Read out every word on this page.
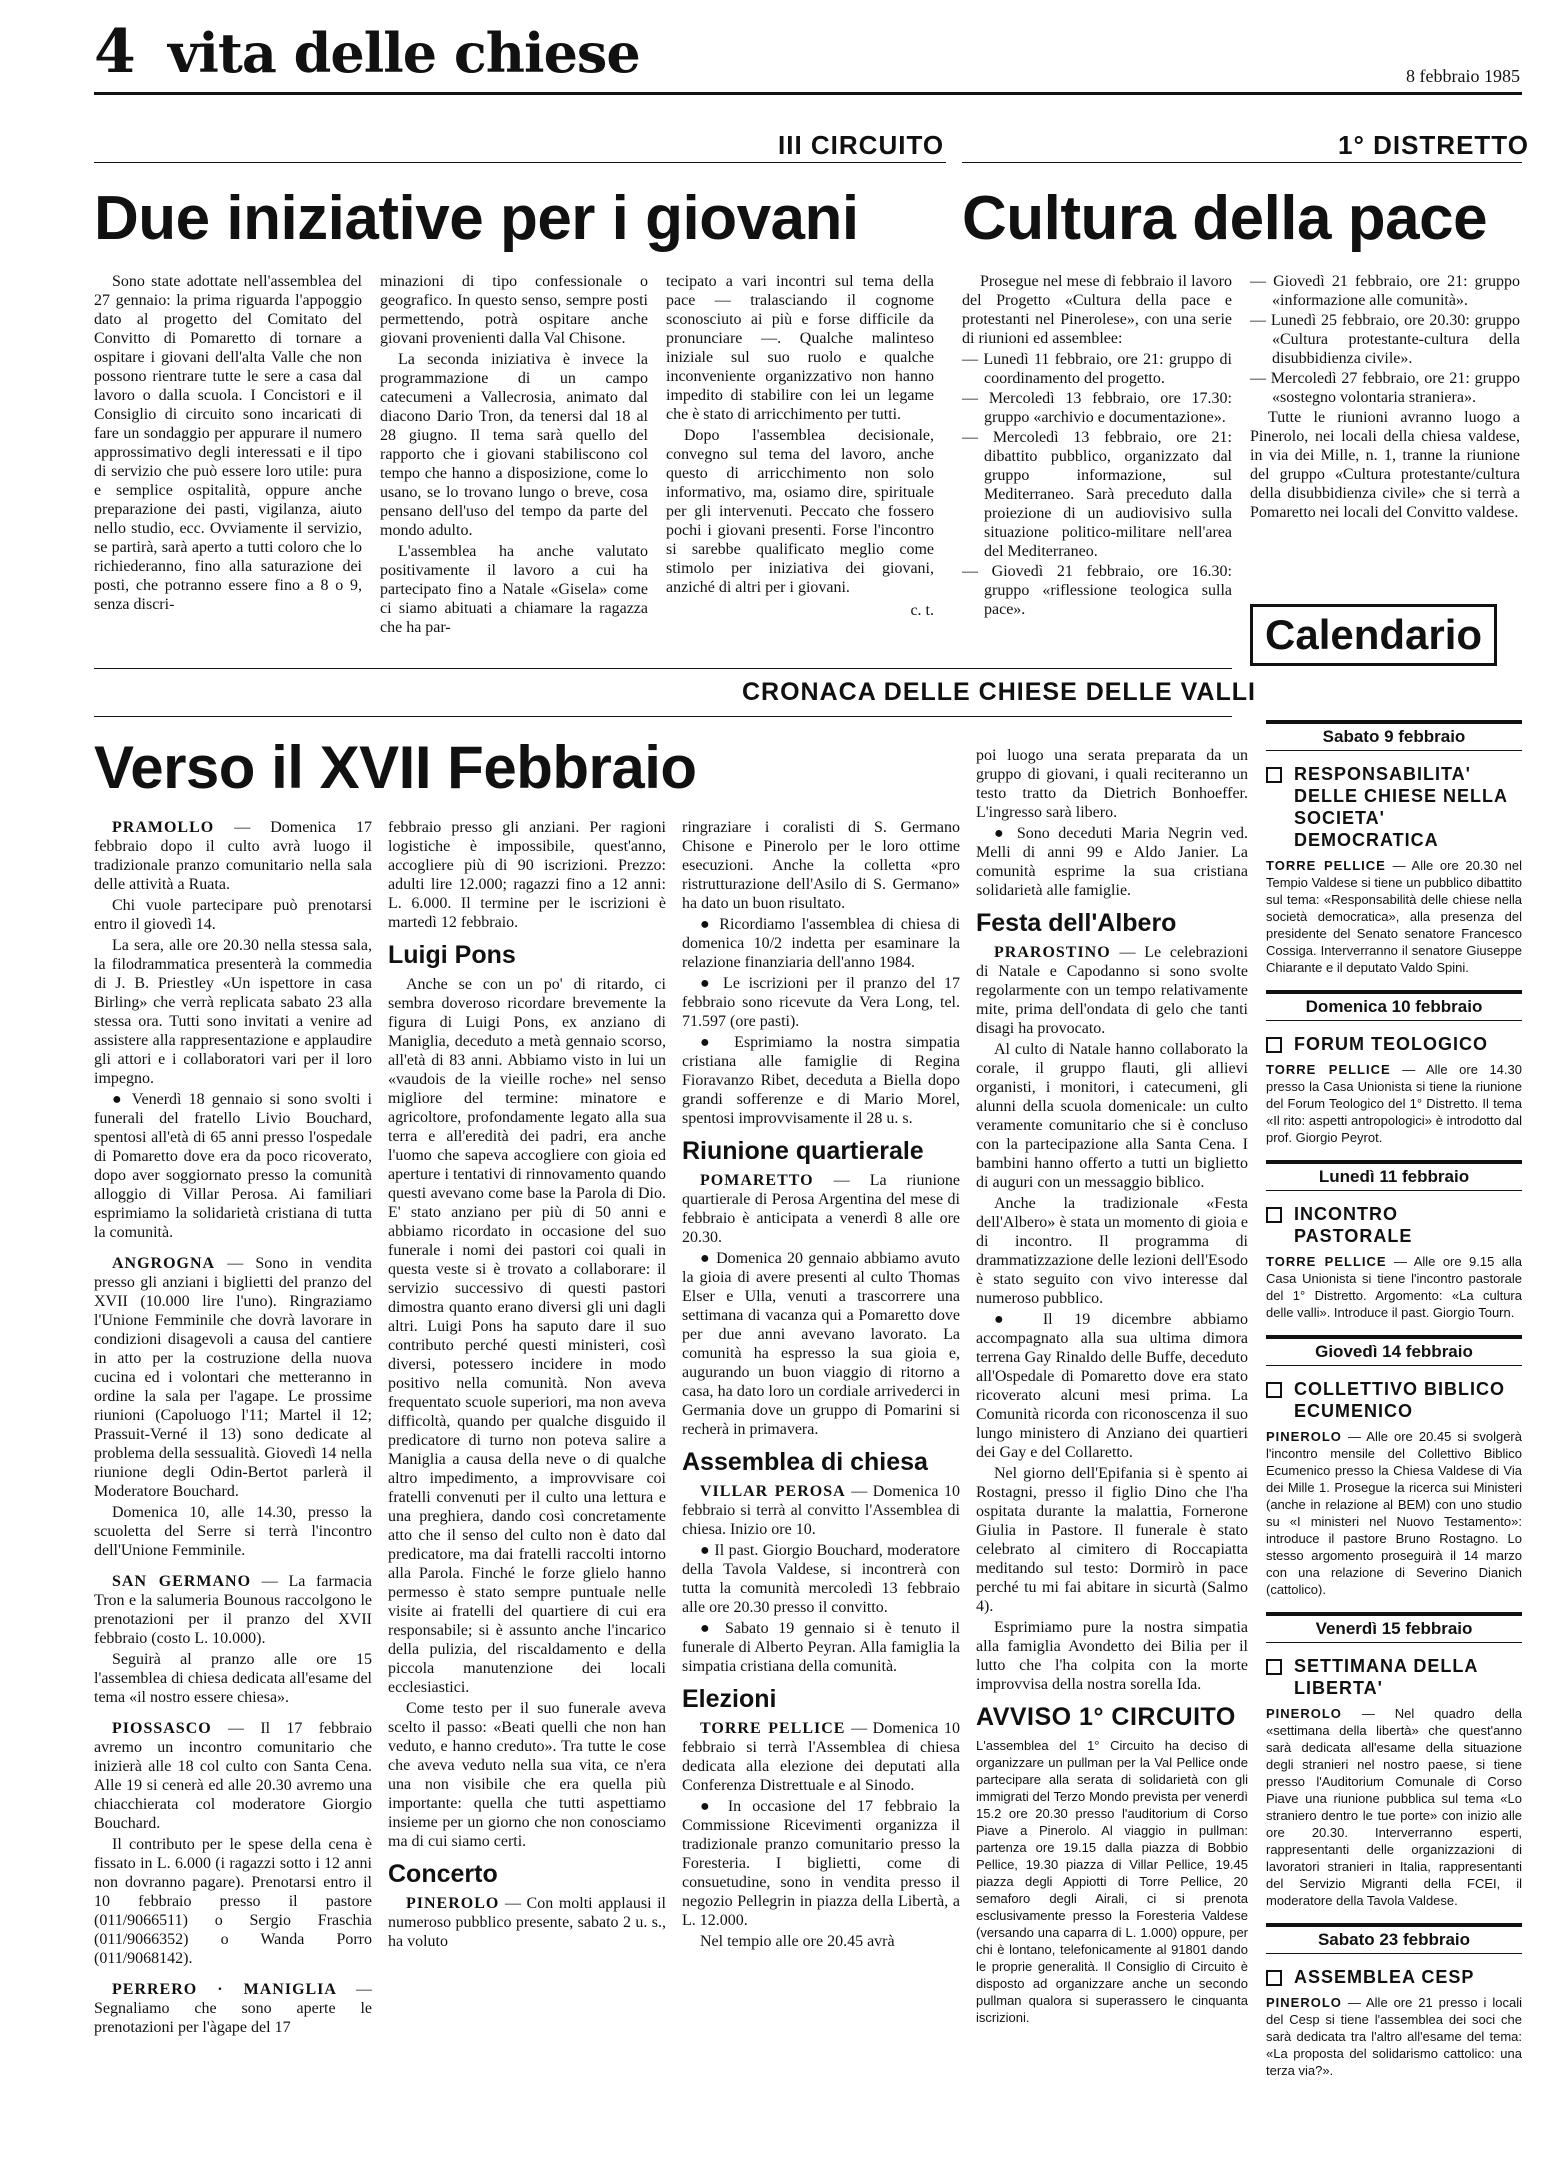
4 vita delle chiese	8 febbraio 1985
III CIRCUITO
Due iniziative per i giovani

Sono state adottate nell'assemblea del 27 gennaio: la prima riguarda l'appoggio dato al progetto del Comitato del Convitto di Pomaretto di tornare a ospitare i giovani dell'alta Valle che non possono rientrare tutte le sere a casa dal lavoro o dalla scuola. I Concistori e il Consiglio di circuito sono incaricati di fare un sondaggio per appurare il numero approssimativo degli interessati e il tipo di servizio che può essere loro utile: pura e semplice ospitalità, oppure anche preparazione dei pasti, vigilanza, aiuto nello studio, ecc. Ovviamente il servizio, se partirà, sarà aperto a tutti coloro che lo richiederanno, fino alla saturazione dei posti, che potranno essere fino a 8 o 9, senza discri-

minazioni di tipo confessionale o geografico. In questo senso, sempre posti permettendo, potrà ospitare anche giovani provenienti dalla Val Chisone.

La seconda iniziativa è invece la programmazione di un campo catecumeni a Vallecrosia, animato dal diacono Dario Tron, da tenersi dal 18 al 28 giugno. Il tema sarà quello del rapporto che i giovani stabiliscono col tempo che hanno a disposizione, come lo usano, se lo trovano lungo o breve, cosa pensano dell'uso del tempo da parte del mondo adulto.

L'assemblea ha anche valutato positivamente il lavoro a cui ha partecipato fino a Natale «Gisela» come ci siamo abituati a chiamare la ragazza che ha par-

tecipato a vari incontri sul tema della pace — tralasciando il cognome sconosciuto ai più e forse difficile da pronunciare —. Qualche malinteso iniziale sul suo ruolo e qualche inconveniente organizzativo non hanno impedito di stabilire con lei un legame che è stato di arricchimento per tutti.

Dopo l'assemblea decisionale, convegno sul tema del lavoro, anche questo di arricchimento non solo informativo, ma, osiamo dire, spirituale per gli intervenuti. Peccato che fossero pochi i giovani presenti. Forse l'incontro si sarebbe qualificato meglio come stimolo per iniziativa dei giovani, anziché di altri per i giovani.

c. t.
1° DISTRETTO
Cultura della pace

Prosegue nel mese di febbraio il lavoro del Progetto «Cultura della pace e protestanti nel Pinerolese», con una serie di riunioni ed assemblee:

— Lunedì 11 febbraio, ore 21: gruppo di coordinamento del progetto.
— Mercoledì 13 febbraio, ore 17.30: gruppo «archivio e documentazione».
— Mercoledì 13 febbraio, ore 21: dibattito pubblico, organizzato dal gruppo informazione, sul Mediterraneo. Sarà preceduto dalla proiezione di un audiovisivo sulla situazione politico-militare nell'area del Mediterraneo.
— Giovedì 21 febbraio, ore 16.30: gruppo «riflessione teologica sulla pace».
— Giovedì 21 febbraio, ore 21: gruppo «informazione alle comunità».
— Lunedì 25 febbraio, ore 20.30: gruppo «Cultura protestante-cultura della disubbidienza civile».
— Mercoledì 27 febbraio, ore 21: gruppo «sostegno volontaria straniera».

Tutte le riunioni avranno luogo a Pinerolo, nei locali della chiesa valdese, in via dei Mille, n. 1, tranne la riunione del gruppo «Cultura protestante/cultura della disubbidienza civile» che si terrà a Pomaretto nei locali del Convitto valdese.

Calendario
CRONACA DELLE CHIESE DELLE VALLI
Verso il XVII Febbraio

PRAMOLLO — Domenica 17 febbraio dopo il culto avrà luogo il tradizionale pranzo comunitario nella sala delle attività a Ruata.

Chi vuole partecipare può prenotarsi entro il giovedì 14.

La sera, alle ore 20.30 nella stessa sala, la filodrammatica presenterà la commedia di J. B. Priestley «Un ispettore in casa Birling» che verrà replicata sabato 23 alla stessa ora. Tutti sono invitati a venire ad assistere alla rappresentazione e applaudire gli attori e i collaboratori vari per il loro impegno.

● Venerdì 18 gennaio si sono svolti i funerali del fratello Livio Bouchard, spentosi all'età di 65 anni presso l'ospedale di Pomaretto dove era da poco ricoverato, dopo aver soggiornato presso la comunità alloggio di Villar Perosa. Ai familiari esprimiamo la solidarietà cristiana di tutta la comunità.

ANGROGNA — Sono in vendita presso gli anziani i biglietti del pranzo del XVII (10.000 lire l'uno). Ringraziamo l'Unione Femminile che dovrà lavorare in condizioni disagevoli a causa del cantiere in atto per la costruzione della nuova cucina ed i volontari che metteranno in ordine la sala per l'agape. Le prossime riunioni (Capoluogo l'11; Martel il 12; Prassuit-Verné il 13) sono dedicate al problema della sessualità. Giovedì 14 nella riunione degli Odin-Bertot parlerà il Moderatore Bouchard.

Domenica 10, alle 14.30, presso la scuoletta del Serre si terrà l'incontro dell'Unione Femminile.

SAN GERMANO — La farmacia Tron e la salumeria Bounous raccolgono le prenotazioni per il pranzo del XVII febbraio (costo L. 10.000).

Seguirà al pranzo alle ore 15 l'assemblea di chiesa dedicata all'esame del tema «il nostro essere chiesa».

PIOSSASCO — Il 17 febbraio avremo un incontro comunitario che inizierà alle 18 col culto con Santa Cena. Alle 19 si cenerà ed alle 20.30 avremo una chiacchierata col moderatore Giorgio Bouchard.

Il contributo per le spese della cena è fissato in L. 6.000 (i ragazzi sotto i 12 anni non dovranno pagare). Prenotarsi entro il 10 febbraio presso il pastore (011/9066511) o Sergio Fraschia (011/9066352) o Wanda Porro (011/9068142).

PERRERO · MANIGLIA — Segnaliamo che sono aperte le prenotazioni per l'àgape del 17

febbraio presso gli anziani. Per ragioni logistiche è impossibile, quest'anno, accogliere più di 90 iscrizioni. Prezzo: adulti lire 12.000; ragazzi fino a 12 anni: L. 6.000. Il termine per le iscrizioni è martedì 12 febbraio.

Luigi Pons

Anche se con un po' di ritardo, ci sembra doveroso ricordare brevemente la figura di Luigi Pons, ex anziano di Maniglia, deceduto a metà gennaio scorso, all'età di 83 anni. Abbiamo visto in lui un «vaudois de la vieille roche» nel senso migliore del termine: minatore e agricoltore, profondamente legato alla sua terra e all'eredità dei padri, era anche l'uomo che sapeva accogliere con gioia ed aperture i tentativi di rinnovamento quando questi avevano come base la Parola di Dio. E' stato anziano per più di 50 anni e abbiamo ricordato in occasione del suo funerale i nomi dei pastori coi quali in questa veste si è trovato a collaborare: il servizio successivo di questi pastori dimostra quanto erano diversi gli uni dagli altri. Luigi Pons ha saputo dare il suo contributo perché questi ministeri, così diversi, potessero incidere in modo positivo nella comunità. Non aveva frequentato scuole superiori, ma non aveva difficoltà, quando per qualche disguido il predicatore di turno non poteva salire a Maniglia a causa della neve o di qualche altro impedimento, a improvvisare coi fratelli convenuti per il culto una lettura e una preghiera, dando così concretamente atto che il senso del culto non è dato dal predicatore, ma dai fratelli raccolti intorno alla Parola. Finché le forze glielo hanno permesso è stato sempre puntuale nelle visite ai fratelli del quartiere di cui era responsabile; si è assunto anche l'incarico della pulizia, del riscaldamento e della piccola manutenzione dei locali ecclesiastici.

Come testo per il suo funerale aveva scelto il passo: «Beati quelli che non han veduto, e hanno creduto». Tra tutte le cose che aveva veduto nella sua vita, ce n'era una non visibile che era quella più importante: quella che tutti aspettiamo insieme per un giorno che non conosciamo ma di cui siamo certi.

Concerto

PINEROLO — Con molti applausi il numeroso pubblico presente, sabato 2 u. s., ha voluto

ringraziare i coralisti di S. Germano Chisone e Pinerolo per le loro ottime esecuzioni. Anche la colletta «pro ristrutturazione dell'Asilo di S. Germano» ha dato un buon risultato.

● Ricordiamo l'assemblea di chiesa di domenica 10/2 indetta per esaminare la relazione finanziaria dell'anno 1984.

● Le iscrizioni per il pranzo del 17 febbraio sono ricevute da Vera Long, tel. 71.597 (ore pasti).

● Esprimiamo la nostra simpatia cristiana alle famiglie di Regina Fioravanzo Ribet, deceduta a Biella dopo grandi sofferenze e di Mario Morel, spentosi improvvisamente il 28 u. s.

Riunione quartierale

POMARETTO — La riunione quartierale di Perosa Argentina del mese di febbraio è anticipata a venerdì 8 alle ore 20.30.

● Domenica 20 gennaio abbiamo avuto la gioia di avere presenti al culto Thomas Elser e Ulla, venuti a trascorrere una settimana di vacanza qui a Pomaretto dove per due anni avevano lavorato. La comunità ha espresso la sua gioia e, augurando un buon viaggio di ritorno a casa, ha dato loro un cordiale arrivederci in Germania dove un gruppo di Pomarini si recherà in primavera.

Assemblea di chiesa

VILLAR PEROSA — Domenica 10 febbraio si terrà al convitto l'Assemblea di chiesa. Inizio ore 10.

● Il past. Giorgio Bouchard, moderatore della Tavola Valdese, si incontrerà con tutta la comunità mercoledì 13 febbraio alle ore 20.30 presso il convitto.

● Sabato 19 gennaio si è tenuto il funerale di Alberto Peyran. Alla famiglia la simpatia cristiana della comunità.

Elezioni

TORRE PELLICE — Domenica 10 febbraio si terrà l'Assemblea di chiesa dedicata alla elezione dei deputati alla Conferenza Distrettuale e al Sinodo.

● In occasione del 17 febbraio la Commissione Ricevimenti organizza il tradizionale pranzo comunitario presso la Foresteria. I biglietti, come di consuetudine, sono in vendita presso il negozio Pellegrin in piazza della Libertà, a L. 12.000.

Nel tempio alle ore 20.45 avrà

poi luogo una serata preparata da un gruppo di giovani, i quali reciteranno un testo tratto da Dietrich Bonhoeffer. L'ingresso sarà libero.

● Sono deceduti Maria Negrin ved. Melli di anni 99 e Aldo Janier. La comunità esprime la sua cristiana solidarietà alle famiglie.

Festa dell'Albero

PRAROSTINO — Le celebrazioni di Natale e Capodanno si sono svolte regolarmente con un tempo relativamente mite, prima dell'ondata di gelo che tanti disagi ha provocato.

Al culto di Natale hanno collaborato la corale, il gruppo flauti, gli allievi organisti, i monitori, i catecumeni, gli alunni della scuola domenicale: un culto veramente comunitario che si è concluso con la partecipazione alla Santa Cena. I bambini hanno offerto a tutti un biglietto di auguri con un messaggio biblico.

Anche la tradizionale «Festa dell'Albero» è stata un momento di gioia e di incontro. Il programma di drammatizzazione delle lezioni dell'Esodo è stato seguito con vivo interesse dal numeroso pubblico.

● Il 19 dicembre abbiamo accompagnato alla sua ultima dimora terrena Gay Rinaldo delle Buffe, deceduto all'Ospedale di Pomaretto dove era stato ricoverato alcuni mesi prima. La Comunità ricorda con riconoscenza il suo lungo ministero di Anziano dei quartieri dei Gay e del Collaretto.

Nel giorno dell'Epifania si è spento ai Rostagni, presso il figlio Dino che l'ha ospitata durante la malattia, Fornerone Giulia in Pastore. Il funerale è stato celebrato al cimitero di Roccapiatta meditando sul testo: Dormirò in pace perché tu mi fai abitare in sicurtà (Salmo 4).

Esprimiamo pure la nostra simpatia alla famiglia Avondetto dei Bilia per il lutto che l'ha colpita con la morte improvvisa della nostra sorella Ida.

AVVISO 1° CIRCUITO
L'assemblea del 1° Circuito ha deciso di organizzare un pullman per la Val Pellice onde partecipare alla serata di solidarietà con gli immigrati del Terzo Mondo prevista per venerdì 15.2 ore 20.30 presso l'auditorium di Corso Piave a Pinerolo. Al viaggio in pullman: partenza ore 19.15 dalla piazza di Bobbio Pellice, 19.30 piazza di Villar Pellice, 19.45 piazza degli Appiotti di Torre Pellice, 20 semaforo degli Airali, ci si prenota esclusivamente presso la Foresteria Valdese (versando una caparra di L. 1.000) oppure, per chi è lontano, telefonicamente al 91801 dando le proprie generalità. Il Consiglio di Circuito è disposto ad organizzare anche un secondo pullman qualora si superassero le cinquanta iscrizioni.
Sabato 9 febbraio
RESPONSABILITA' DELLE CHIESE NELLA SOCIETA' DEMOCRATICA
TORRE PELLICE — Alle ore 20.30 nel Tempio Valdese si tiene un pubblico dibattito sul tema: «Responsabilità delle chiese nella società democratica», alla presenza del presidente del Senato senatore Francesco Cossiga. Interverranno il senatore Giuseppe Chiarante e il deputato Valdo Spini.
Domenica 10 febbraio
FORUM TEOLOGICO
TORRE PELLICE — Alle ore 14.30 presso la Casa Unionista si tiene la riunione del Forum Teologico del 1° Distretto. Il tema «Il rito: aspetti antropologici» è introdotto dal prof. Giorgio Peyrot.
Lunedì 11 febbraio
INCONTRO PASTORALE
TORRE PELLICE — Alle ore 9.15 alla Casa Unionista si tiene l'incontro pastorale del 1° Distretto. Argomento: «La cultura delle valli». Introduce il past. Giorgio Tourn.
Giovedì 14 febbraio
COLLETTIVO BIBLICO ECUMENICO
PINEROLO — Alle ore 20.45 si svolgerà l'incontro mensile del Collettivo Biblico Ecumenico presso la Chiesa Valdese di Via dei Mille 1. Prosegue la ricerca sui Ministeri (anche in relazione al BEM) con uno studio su «I ministeri nel Nuovo Testamento»: introduce il pastore Bruno Rostagno. Lo stesso argomento proseguirà il 14 marzo con una relazione di Severino Dianich (cattolico).
Venerdì 15 febbraio
SETTIMANA DELLA LIBERTA'
PINEROLO — Nel quadro della «settimana della libertà» che quest'anno sarà dedicata all'esame della situazione degli stranieri nel nostro paese, si tiene presso l'Auditorium Comunale di Corso Piave una riunione pubblica sul tema «Lo straniero dentro le tue porte» con inizio alle ore 20.30. Interverranno esperti, rappresentanti delle organizzazioni di lavoratori stranieri in Italia, rappresentanti del Servizio Migranti della FCEI, il moderatore della Tavola Valdese.
Sabato 23 febbraio
ASSEMBLEA CESP
PINEROLO — Alle ore 21 presso i locali del Cesp si tiene l'assemblea dei soci che sarà dedicata tra l'altro all'esame del tema: «La proposta del solidarismo cattolico: una terza via?».
